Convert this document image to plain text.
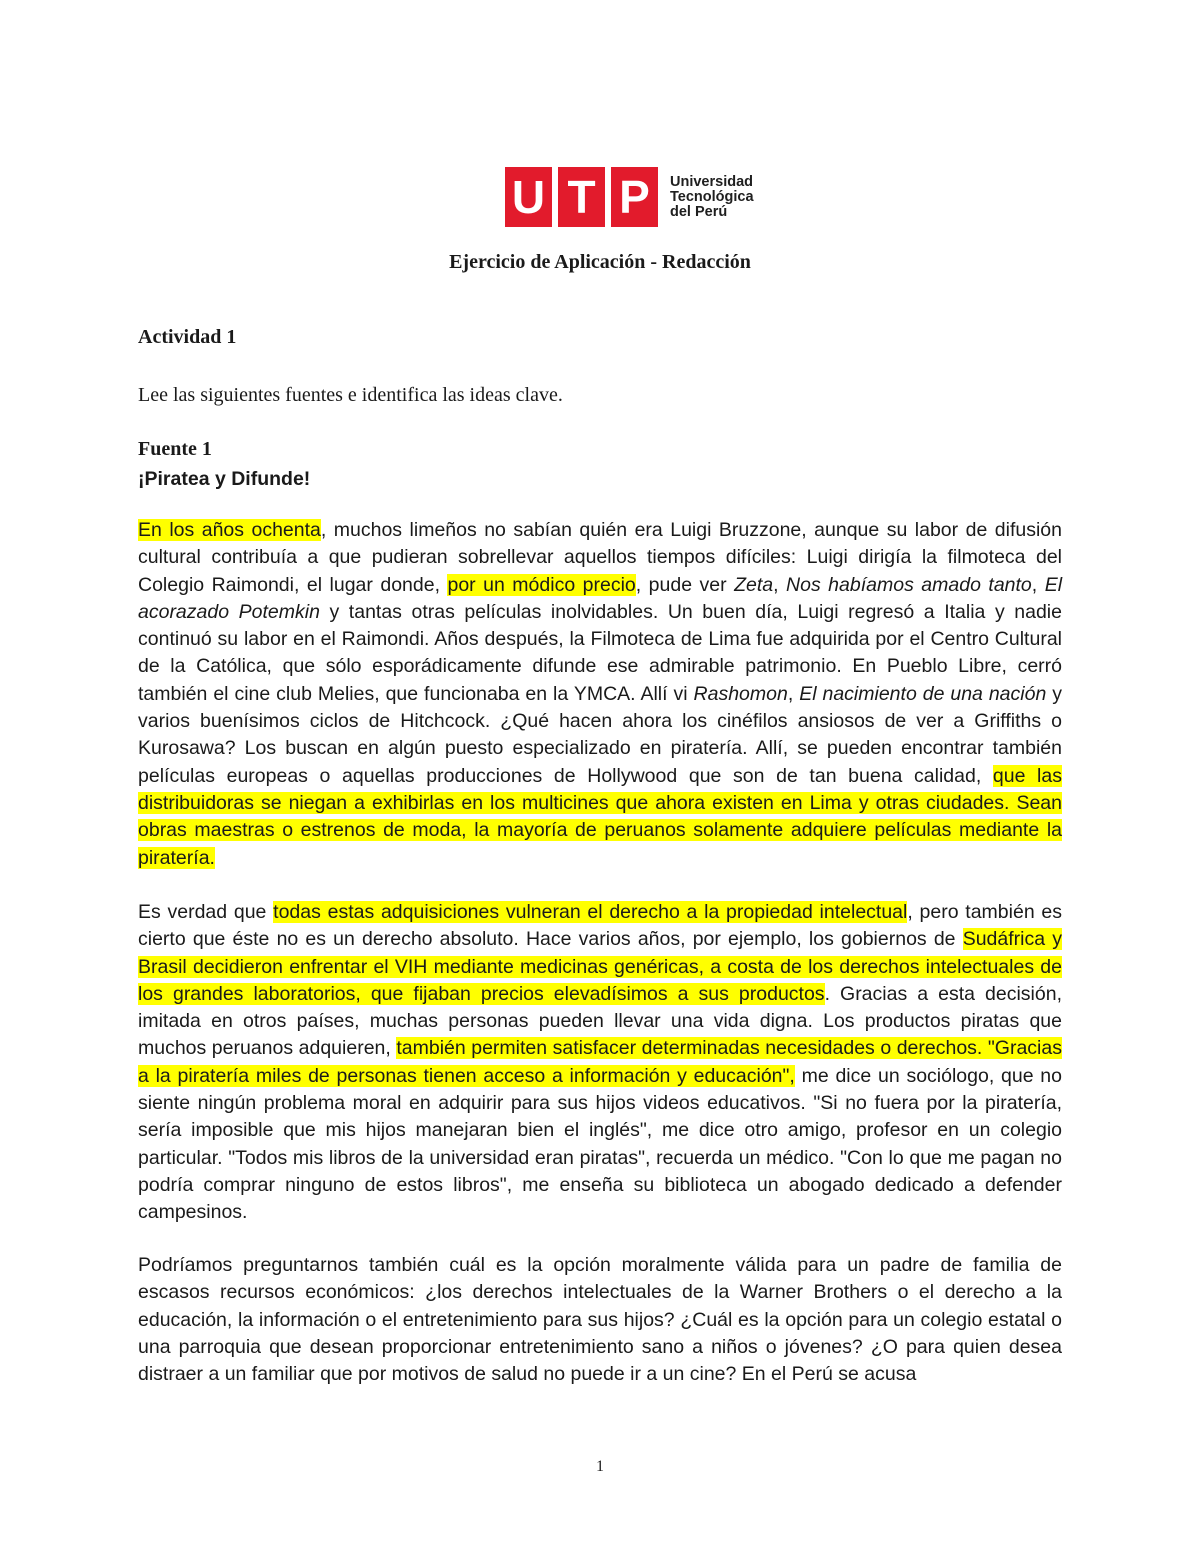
U T P	Universidad
Tecnológica
del Perú
Ejercicio de Aplicación - Redacción
Actividad 1
Lee las siguientes fuentes e identifica las ideas clave.
Fuente 1
¡Piratea y Difunde!
En los años ochenta, muchos limeños no sabían quién era Luigi Bruzzone, aunque su labor de difusión cultural contribuía a que pudieran sobrellevar aquellos tiempos difíciles: Luigi dirigía la filmoteca del Colegio Raimondi, el lugar donde, por un módico precio, pude ver Zeta, Nos habíamos amado tanto, El acorazado Potemkin y tantas otras películas inolvidables. Un buen día, Luigi regresó a Italia y nadie continuó su labor en el Raimondi. Años después, la Filmoteca de Lima fue adquirida por el Centro Cultural de la Católica, que sólo esporádicamente difunde ese admirable patrimonio. En Pueblo Libre, cerró también el cine club Melies, que funcionaba en la YMCA. Allí vi Rashomon, El nacimiento de una nación y varios buenísimos ciclos de Hitchcock. ¿Qué hacen ahora los cinéfilos ansiosos de ver a Griffiths o Kurosawa? Los buscan en algún puesto especializado en piratería. Allí, se pueden encontrar también películas europeas o aquellas producciones de Hollywood que son de tan buena calidad, que las distribuidoras se niegan a exhibirlas en los multicines que ahora existen en Lima y otras ciudades. Sean obras maestras o estrenos de moda, la mayoría de peruanos solamente adquiere películas mediante la piratería.
Es verdad que todas estas adquisiciones vulneran el derecho a la propiedad intelectual, pero también es cierto que éste no es un derecho absoluto. Hace varios años, por ejemplo, los gobiernos de Sudáfrica y Brasil decidieron enfrentar el VIH mediante medicinas genéricas, a costa de los derechos intelectuales de los grandes laboratorios, que fijaban precios elevadísimos a sus productos. Gracias a esta decisión, imitada en otros países, muchas personas pueden llevar una vida digna. Los productos piratas que muchos peruanos adquieren, también permiten satisfacer determinadas necesidades o derechos. "Gracias a la piratería miles de personas tienen acceso a información y educación", me dice un sociólogo, que no siente ningún problema moral en adquirir para sus hijos videos educativos. "Si no fuera por la piratería, sería imposible que mis hijos manejaran bien el inglés", me dice otro amigo, profesor en un colegio particular. "Todos mis libros de la universidad eran piratas", recuerda un médico. "Con lo que me pagan no podría comprar ninguno de estos libros", me enseña su biblioteca un abogado dedicado a defender campesinos.
Podríamos preguntarnos también cuál es la opción moralmente válida para un padre de familia de escasos recursos económicos: ¿los derechos intelectuales de la Warner Brothers o el derecho a la educación, la información o el entretenimiento para sus hijos? ¿Cuál es la opción para un colegio estatal o una parroquia que desean proporcionar entretenimiento sano a niños o jóvenes? ¿O para quien desea distraer a un familiar que por motivos de salud no puede ir a un cine? En el Perú se acusa
1
